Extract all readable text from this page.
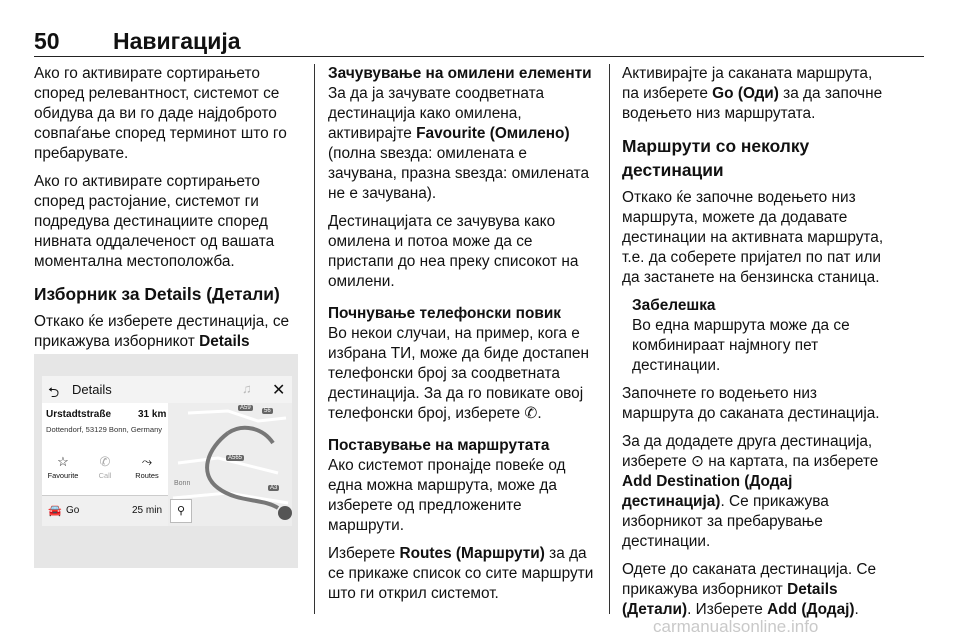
50 Навигација

Ако го активирате сортирањето според релевантност, системот се обидува да ви го даде најдоброто совпаѓање според терминот што го пребарувате.

Ако го активирате сортирањето според растојание, системот ги подредува дестинациите според нивната оддалеченост од вашата моментална местоположба.

Изборник за Details (Детали)

Откако ќе изберете дестинација, се прикажува изборникот Details

⮌ Details	♫ ✕
Urstadtstraße	31 km
Dottendorf, 53129 Bonn, Germany
☆
Favourite
✆
Call
⤳
Routes
🚘 Go	25 min
A59	56
A565
A3
Bonn
⚲

Зачувување на омилени елементи

За да ја зачувате соодветната дестинација како омилена, активирајте Favourite (Омилено) (полна ѕвезда: омилената е зачувана, празна ѕвезда: омилената не е зачувана).

Дестинацијата се зачувува како омилена и потоа може да се пристапи до неа преку списокот на омилени.

Почнување телефонски повик

Во некои случаи, на пример, кога е избрана ТИ, може да биде достапен телефонски број за соодветната дестинација. За да го повикате овој телефонски број, изберете ✆.

Поставување на маршрутата

Ако системот пронајде повеќе од една можна маршрута, може да изберете од предложените маршрути.

Изберете Routes (Маршрути) за да се прикаже список со сите маршрути што ги открил системот.

Активирајте ја саканата маршрута, па изберете Go (Оди) за да започне водењето низ маршрутата.

Маршрути со неколку дестинации

Откако ќе започне водењето низ маршрута, можете да додавате дестинации на активната маршрута, т.е. да соберете пријател по пат или да застанете на бензинска станица.

Забелешка

Во една маршрута може да се комбинираат најмногу пет дестинации.

Започнете го водењето низ маршрута до саканата дестинација.

За да додадете друга дестинација, изберете ⊙ на картата, па изберете Add Destination (Додај дестинација). Се прикажува изборникот за пребарување дестинации.

Одете до саканата дестинација. Се прикажува изборникот Details (Детали). Изберете Add (Додај).

carmanualsonline.info
